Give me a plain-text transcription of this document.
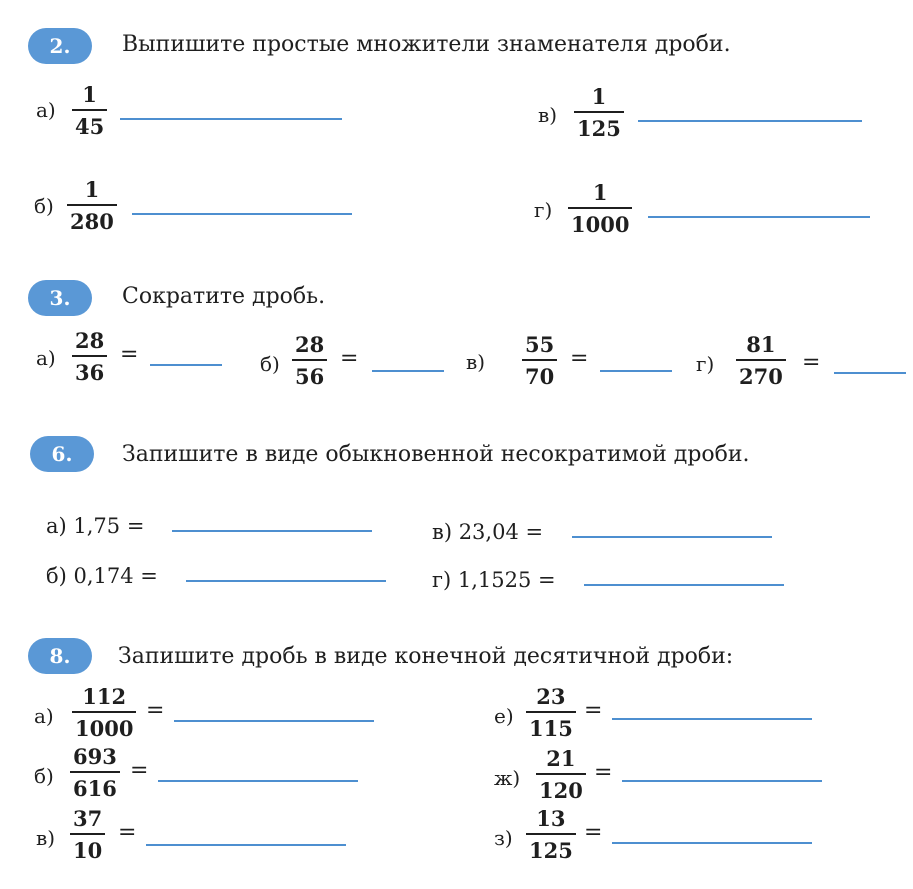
2.	Выпишите простые множители знаменателя дроби.
а)
1
45	в)
1
125
б)
1
280	г)
1
1000
3.	Сократите дробь.
а)
28
36
=	б)
28
56
=	в)
55
70
=	г)
81
270
=
6.	Запишите в виде обыкновенной несократимой дроби.
а) 1,75 =	в) 23,04 =
б) 0,174 =	г) 1,1525 =
8.	Запишите дробь в виде конечной десятичной дроби:
а)
112
1000
=	е)
23
115
=
б)
693
616
=	ж)
21
120
=
в)
37
10
=	з)
13
125
=
